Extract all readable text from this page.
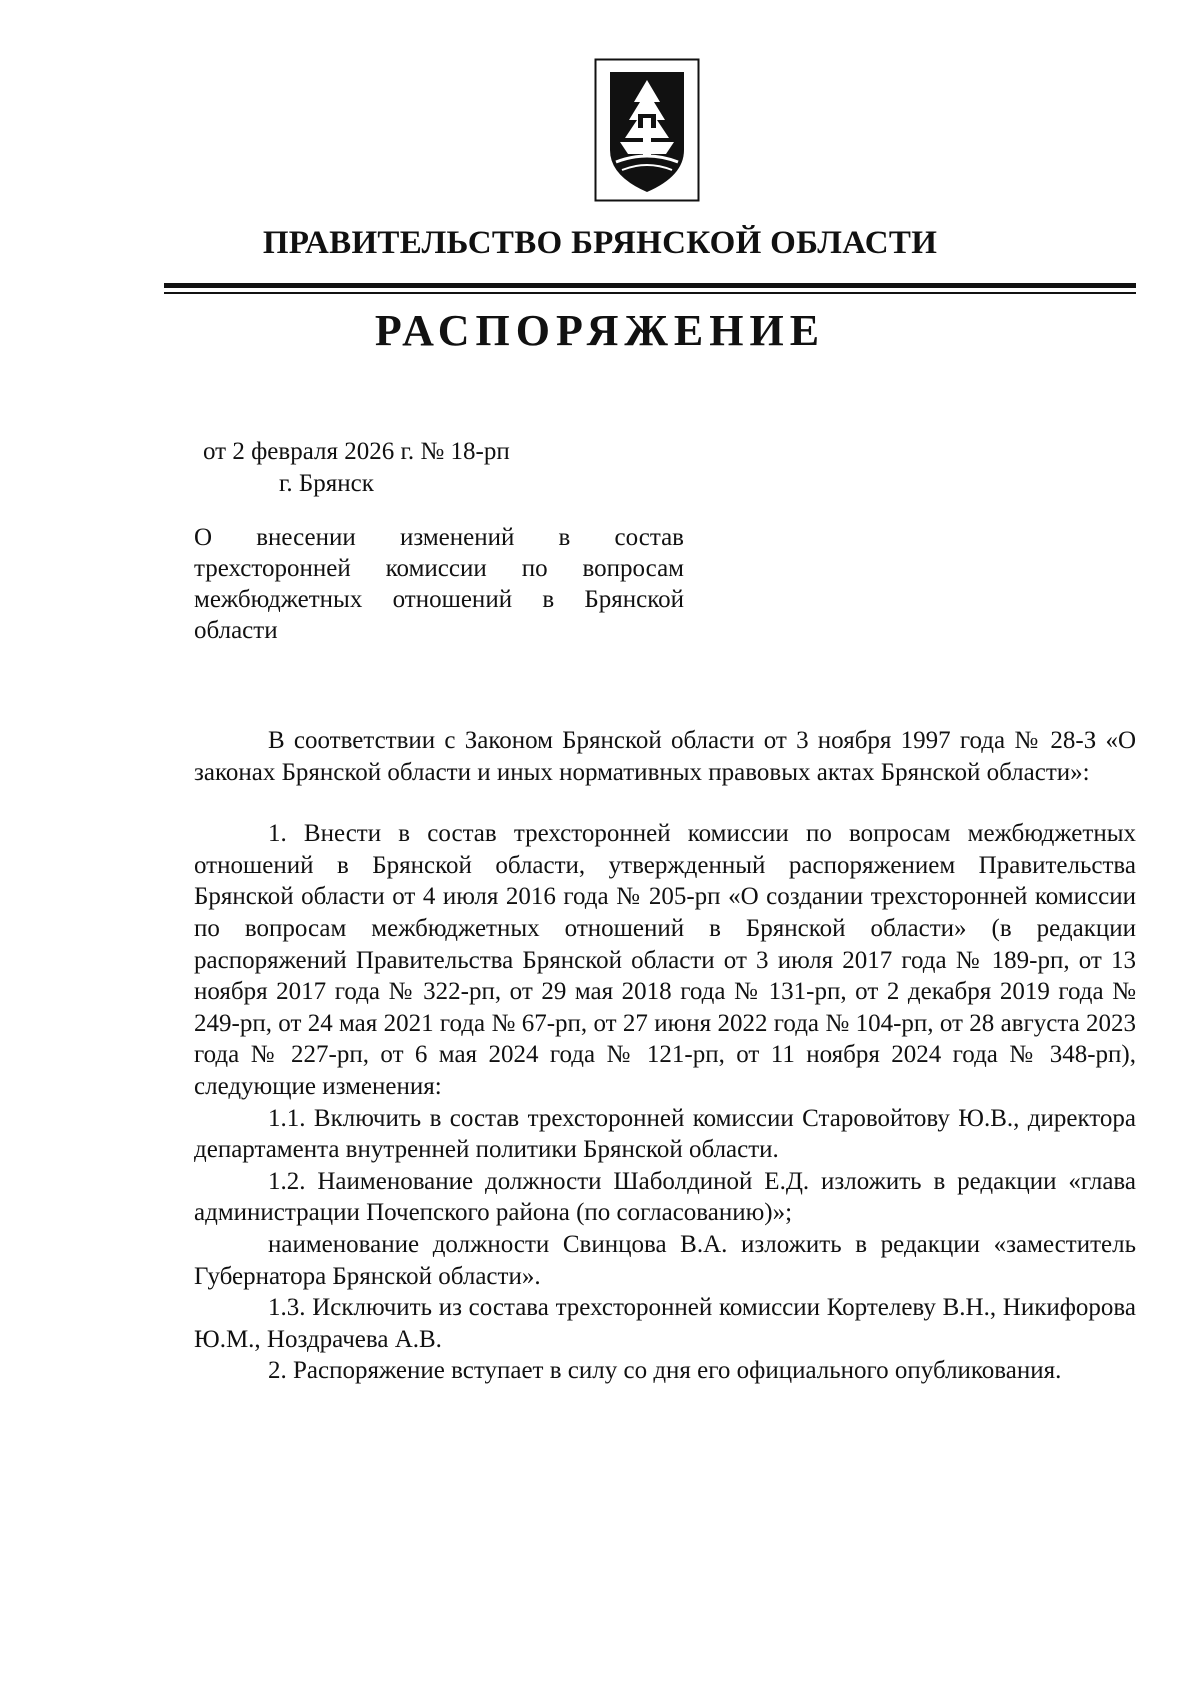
ПРАВИТЕЛЬСТВО БРЯНСКОЙ ОБЛАСТИ
РАСПОРЯЖЕНИЕ
от 2 февраля 2026 г. № 18-рп
г. Брянск
О внесении изменений в состав
трехсторонней комиссии по вопросам
межбюджетных отношений в Брянской
области

В соответствии с Законом Брянской области от 3 ноября 1997 года № 28-З «О законах Брянской области и иных нормативных правовых актах Брянской области»:

1. Внести в состав трехсторонней комиссии по вопросам межбюджетных отношений в Брянской области, утвержденный распоряжением Правительства Брянской области от 4 июля 2016 года № 205-рп «О создании трехсторонней комиссии по вопросам межбюджетных отношений в Брянской области» (в редакции распоряжений Правительства Брянской области от 3 июля 2017 года № 189-рп, от 13 ноября 2017 года № 322-рп, от 29 мая 2018 года № 131-рп, от 2 декабря 2019 года № 249-рп, от 24 мая 2021 года № 67-рп, от 27 июня 2022 года № 104-рп, от 28 августа 2023 года № 227-рп, от 6 мая 2024 года № 121-рп, от 11 ноября 2024 года № 348-рп), следующие изменения:

1.1. Включить в состав трехсторонней комиссии Старовойтову Ю.В., директора департамента внутренней политики Брянской области.

1.2. Наименование должности Шаболдиной Е.Д. изложить в редакции «глава администрации Почепского района (по согласованию)»;

наименование должности Свинцова В.А. изложить в редакции «заместитель Губернатора Брянской области».

1.3. Исключить из состава трехсторонней комиссии Кортелеву В.Н., Никифорова Ю.М., Ноздрачева А.В.

2. Распоряжение вступает в силу со дня его официального опубликования.
